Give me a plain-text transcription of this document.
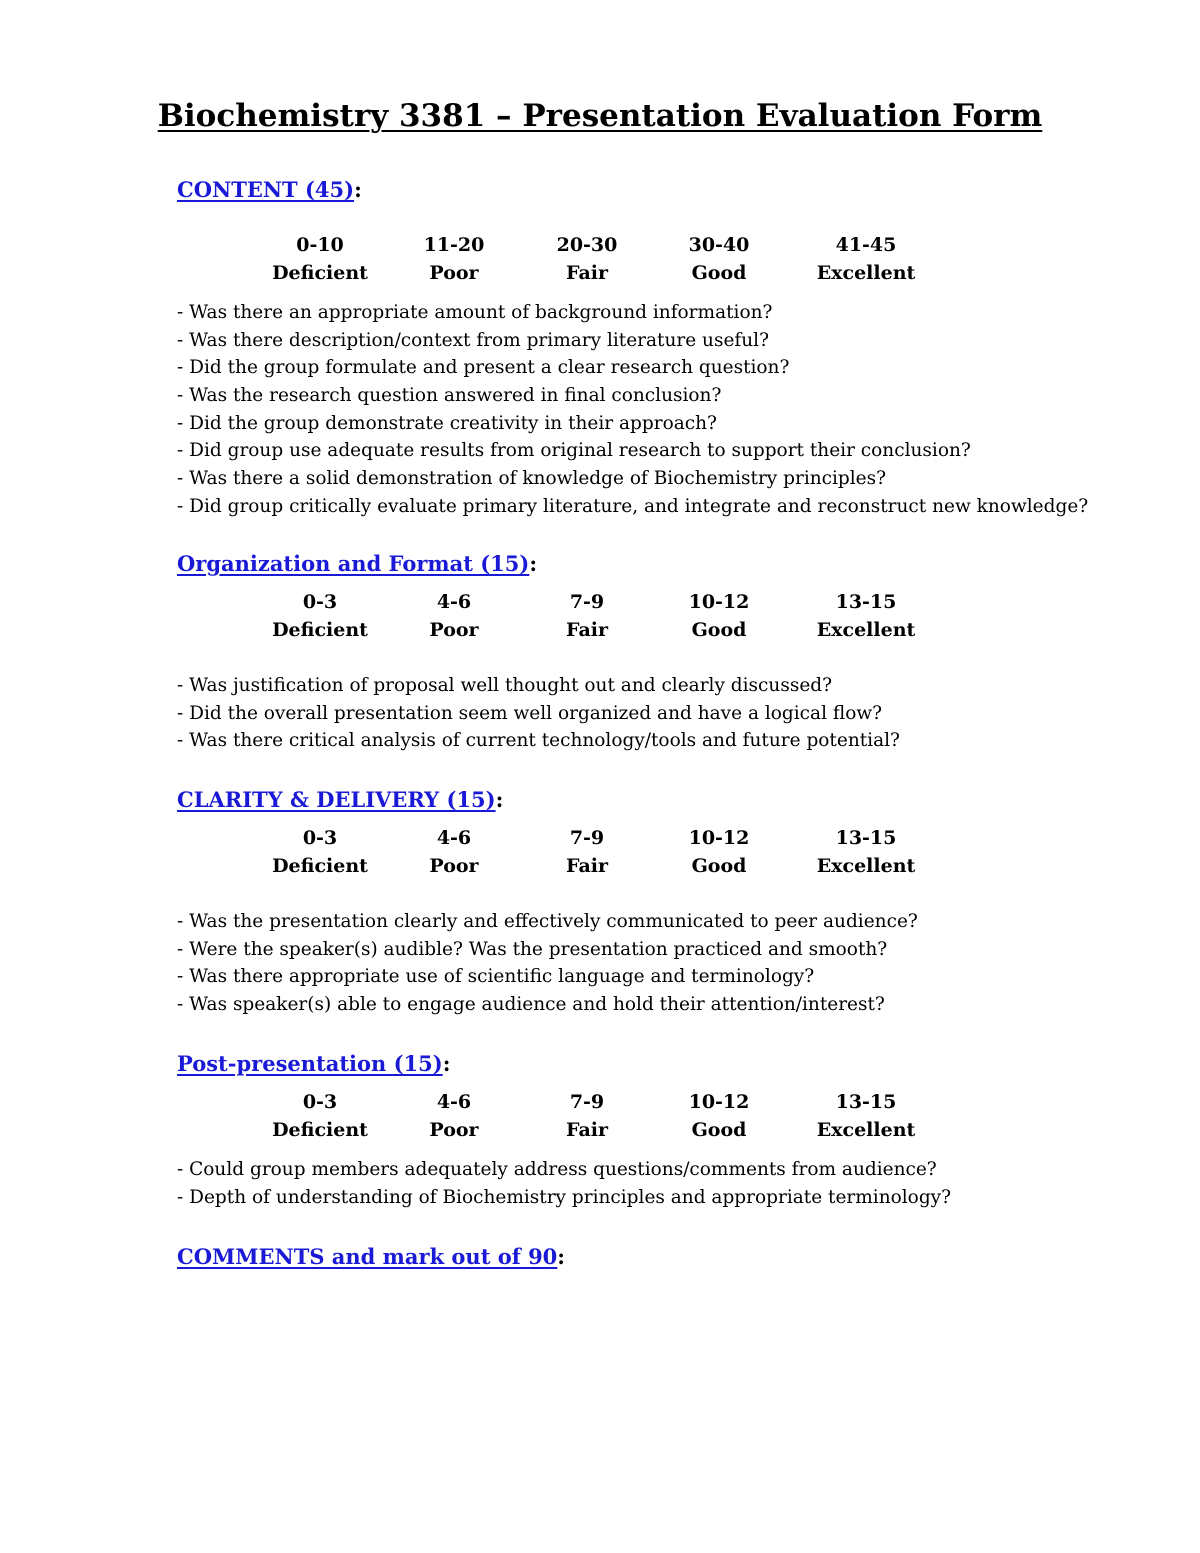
Biochemistry 3381 – Presentation Evaluation Form
CONTENT (45):
0-10
Deficient
11-20
Poor
20-30
Fair
30-40
Good
41-45
Excellent
- Was there an appropriate amount of background information?
- Was there description/context from primary literature useful?
- Did the group formulate and present a clear research question?
- Was the research question answered in final conclusion?
- Did the group demonstrate creativity in their approach?
- Did group use adequate results from original research to support their conclusion?
- Was there a solid demonstration of knowledge of Biochemistry principles?
- Did group critically evaluate primary literature, and integrate and reconstruct new knowledge?
Organization and Format (15):
0-3
Deficient
4-6
Poor
7-9
Fair
10-12
Good
13-15
Excellent
- Was justification of proposal well thought out and clearly discussed?
- Did the overall presentation seem well organized and have a logical flow?
- Was there critical analysis of current technology/tools and future potential?
CLARITY & DELIVERY (15):
0-3
Deficient
4-6
Poor
7-9
Fair
10-12
Good
13-15
Excellent
- Was the presentation clearly and effectively communicated to peer audience?
- Were the speaker(s) audible? Was the presentation practiced and smooth?
- Was there appropriate use of scientific language and terminology?
- Was speaker(s) able to engage audience and hold their attention/interest?
Post-presentation (15):
0-3
Deficient
4-6
Poor
7-9
Fair
10-12
Good
13-15
Excellent
- Could group members adequately address questions/comments from audience?
- Depth of understanding of Biochemistry principles and appropriate terminology?
COMMENTS and mark out of 90:
